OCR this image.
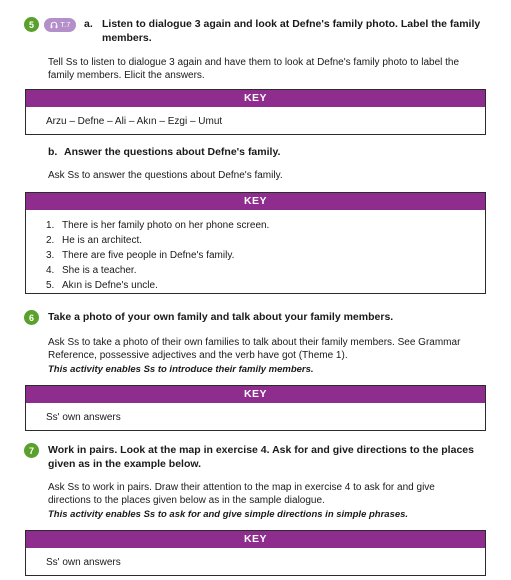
5	T.7 a. Listen to dialogue 3 again and look at Defne's family photo. Label the family
members.
Tell Ss to listen to dialogue 3 again and have them to look at Defne's family photo to label the
family members. Elicit the answers.
KEY
Arzu – Defne – Ali – Akın – Ezgi – Umut
b. Answer the questions about Defne's family.
Ask Ss to answer the questions about Defne's family.
KEY
1. There is her family photo on her phone screen.
2. He is an architect.
3. There are five people in Defne's family.
4. She is a teacher.
5. Akın is Defne's uncle.
6	Take a photo of your own family and talk about your family members.
Ask Ss to take a photo of their own families to talk about their family members. See Grammar
Reference, possessive adjectives and the verb have got (Theme 1).
This activity enables Ss to introduce their family members.
KEY
Ss' own answers
7	Work in pairs. Look at the map in exercise 4. Ask for and give directions to the places
given as in the example below.
Ask Ss to work in pairs. Draw their attention to the map in exercise 4 to ask for and give
directions to the places given below as in the sample dialogue.
This activity enables Ss to ask for and give simple directions in simple phrases.
KEY
Ss' own answers
